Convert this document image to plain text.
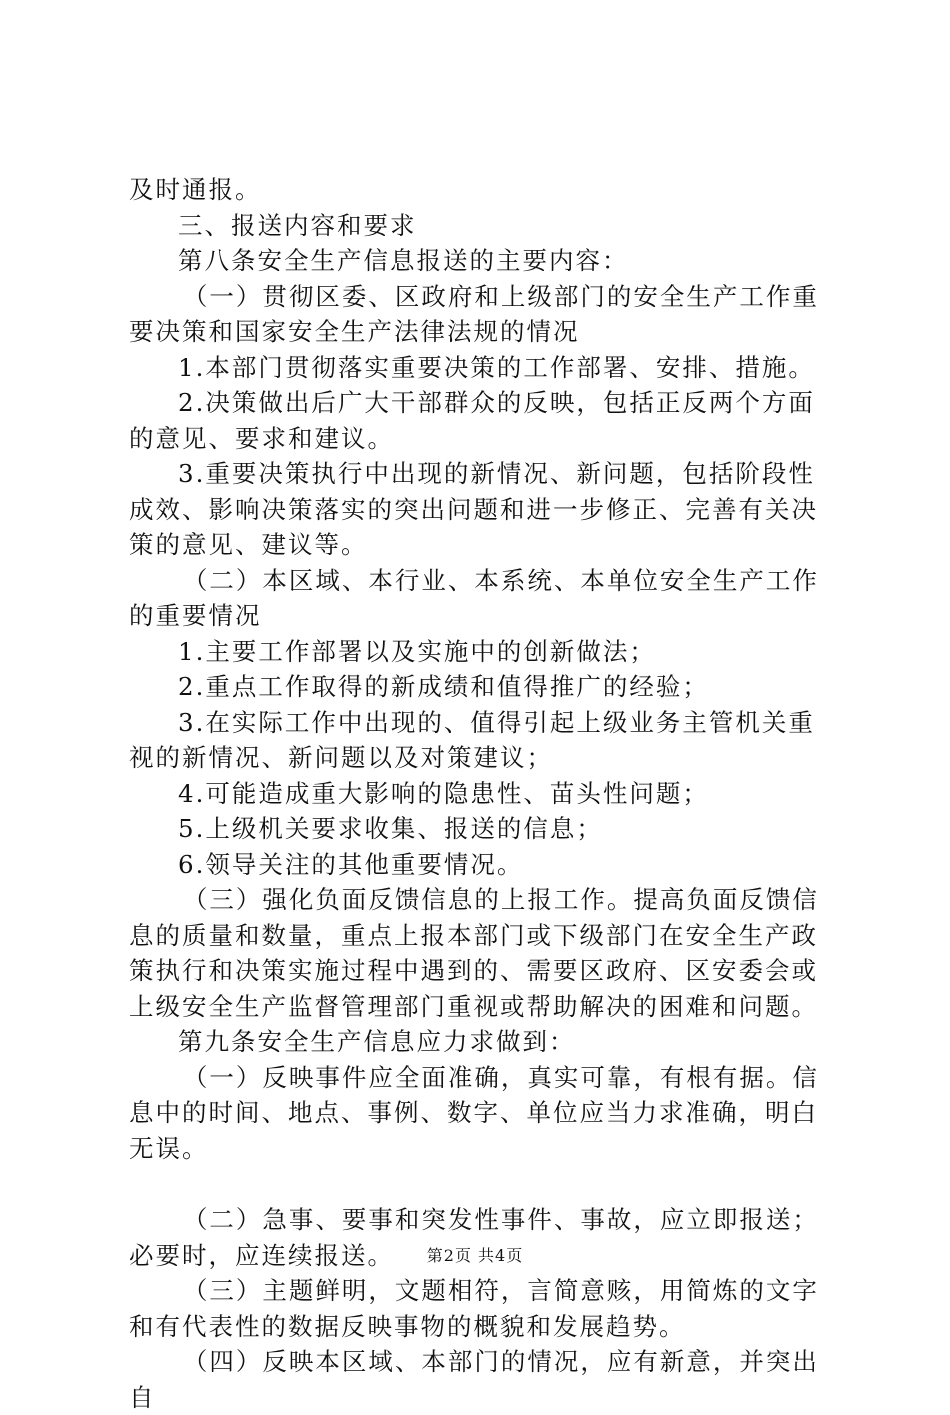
及时通报。

三、报送内容和要求

第八条安全生产信息报送的主要内容：

（一）贯彻区委、区政府和上级部门的安全生产工作重要决策和国家安全生产法律法规的情况

1.本部门贯彻落实重要决策的工作部署、安排、措施。

2.决策做出后广大干部群众的反映，包括正反两个方面的意见、要求和建议。

3.重要决策执行中出现的新情况、新问题，包括阶段性成效、影响决策落实的突出问题和进一步修正、完善有关决策的意见、建议等。

（二）本区域、本行业、本系统、本单位安全生产工作的重要情况

1.主要工作部署以及实施中的创新做法；

2.重点工作取得的新成绩和值得推广的经验；

3.在实际工作中出现的、值得引起上级业务主管机关重视的新情况、新问题以及对策建议；

4.可能造成重大影响的隐患性、苗头性问题；

5.上级机关要求收集、报送的信息；

6.领导关注的其他重要情况。

（三）强化负面反馈信息的上报工作。提高负面反馈信息的质量和数量，重点上报本部门或下级部门在安全生产政策执行和决策实施过程中遇到的、需要区政府、区安委会或上级安全生产监督管理部门重视或帮助解决的困难和问题。

第九条安全生产信息应力求做到：

（一）反映事件应全面准确，真实可靠，有根有据。信息中的时间、地点、事例、数字、单位应当力求准确，明白无误。

（二）急事、要事和突发性事件、事故，应立即报送；必要时，应连续报送。

（三）主题鲜明，文题相符，言简意赅，用简炼的文字和有代表性的数据反映事物的概貌和发展趋势。

（四）反映本区域、本部门的情况，应有新意，并突出自

第2页 共4页
